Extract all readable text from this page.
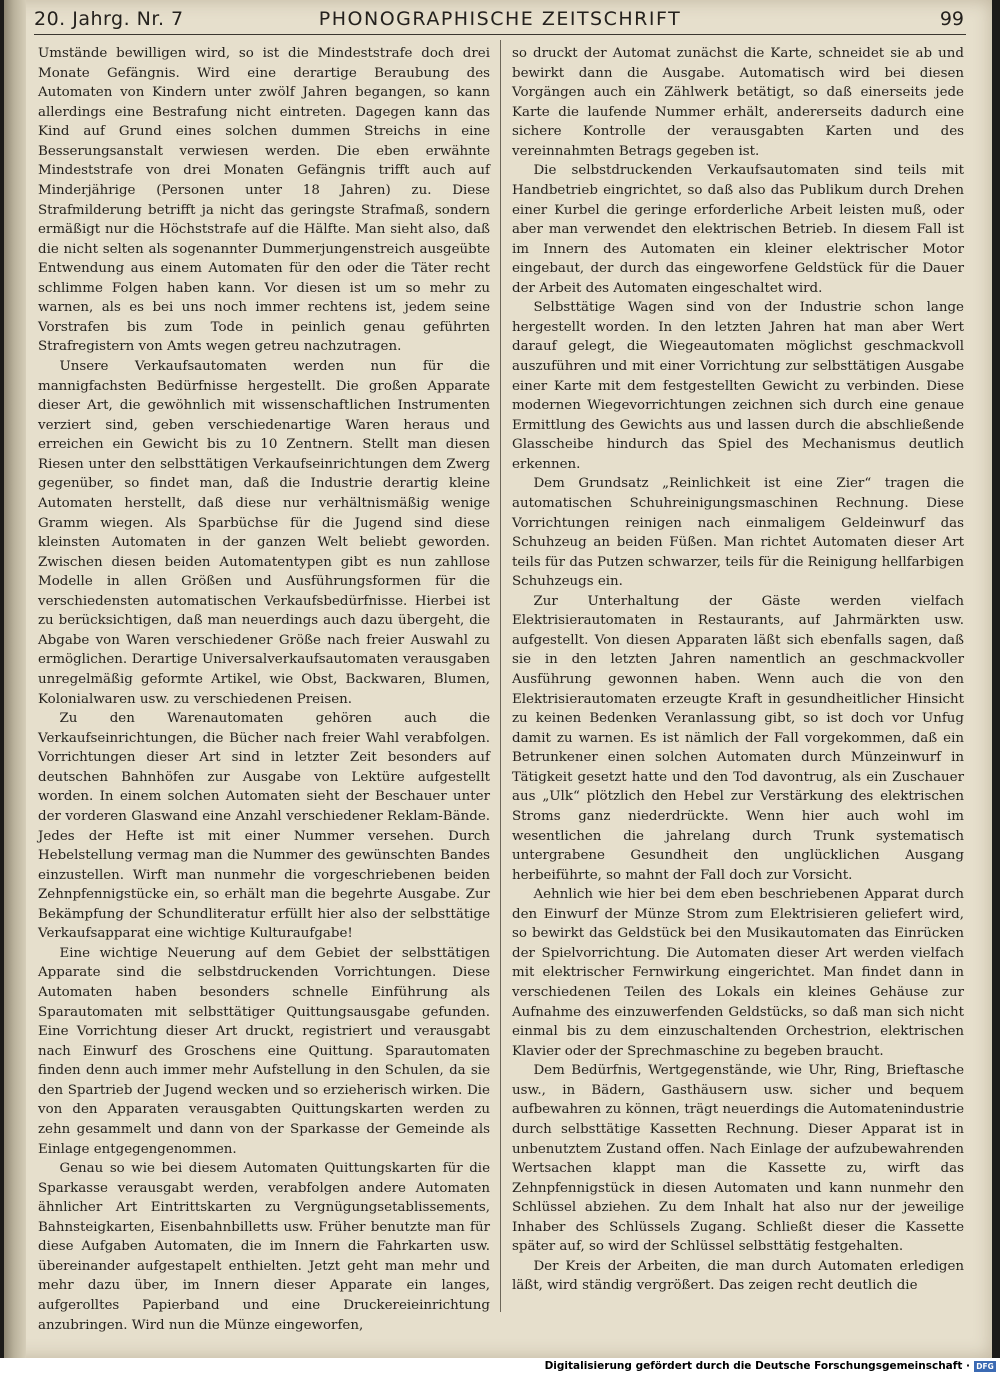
20. Jahrg. Nr. 7	PHONOGRAPHISCHE ZEITSCHRIFT	99

Umstände bewilligen wird, so ist die Mindeststrafe doch drei Monate Gefängnis. Wird eine derartige Beraubung des Automaten von Kindern unter zwölf Jahren begangen, so kann allerdings eine Bestrafung nicht eintreten. Dagegen kann das Kind auf Grund eines solchen dummen Streichs in eine Besserungsanstalt verwiesen werden. Die eben erwähnte Mindeststrafe von drei Monaten Gefängnis trifft auch auf Minderjährige (Personen unter 18 Jahren) zu. Diese Strafmilderung betrifft ja nicht das geringste Strafmaß, sondern ermäßigt nur die Höchststrafe auf die Hälfte. Man sieht also, daß die nicht selten als sogenannter Dummerjungenstreich ausgeübte Entwendung aus einem Automaten für den oder die Täter recht schlimme Folgen haben kann. Vor diesen ist um so mehr zu warnen, als es bei uns noch immer rechtens ist, jedem seine Vorstrafen bis zum Tode in peinlich genau geführten Strafregistern von Amts wegen getreu nachzutragen.

Unsere Verkaufsautomaten werden nun für die mannigfachsten Bedürfnisse hergestellt. Die großen Apparate dieser Art, die gewöhnlich mit wissenschaftlichen Instrumenten verziert sind, geben verschiedenartige Waren heraus und erreichen ein Gewicht bis zu 10 Zentnern. Stellt man diesen Riesen unter den selbsttätigen Verkaufseinrichtungen dem Zwerg gegenüber, so findet man, daß die Industrie derartig kleine Automaten herstellt, daß diese nur verhältnismäßig wenige Gramm wiegen. Als Sparbüchse für die Jugend sind diese kleinsten Automaten in der ganzen Welt beliebt geworden. Zwischen diesen beiden Automatentypen gibt es nun zahllose Modelle in allen Größen und Ausführungsformen für die verschiedensten automatischen Verkaufsbedürfnisse. Hierbei ist zu berücksichtigen, daß man neuerdings auch dazu übergeht, die Abgabe von Waren verschiedener Größe nach freier Auswahl zu ermöglichen. Derartige Universalverkaufsautomaten verausgaben unregelmäßig geformte Artikel, wie Obst, Backwaren, Blumen, Kolonialwaren usw. zu verschiedenen Preisen.

Zu den Warenautomaten gehören auch die Verkaufseinrichtungen, die Bücher nach freier Wahl verabfolgen. Vorrichtungen dieser Art sind in letzter Zeit besonders auf deutschen Bahnhöfen zur Ausgabe von Lektüre aufgestellt worden. In einem solchen Automaten sieht der Beschauer unter der vorderen Glaswand eine Anzahl verschiedener Reklam-Bände. Jedes der Hefte ist mit einer Nummer versehen. Durch Hebelstellung vermag man die Nummer des gewünschten Bandes einzustellen. Wirft man nunmehr die vorgeschriebenen beiden Zehnpfennigstücke ein, so erhält man die begehrte Ausgabe. Zur Bekämpfung der Schundliteratur erfüllt hier also der selbsttätige Verkaufsapparat eine wichtige Kulturaufgabe!

Eine wichtige Neuerung auf dem Gebiet der selbsttätigen Apparate sind die selbstdruckenden Vorrichtungen. Diese Automaten haben besonders schnelle Einführung als Sparautomaten mit selbsttätiger Quittungsausgabe gefunden. Eine Vorrichtung dieser Art druckt, registriert und verausgabt nach Einwurf des Groschens eine Quittung. Sparautomaten finden denn auch immer mehr Aufstellung in den Schulen, da sie den Spartrieb der Jugend wecken und so erzieherisch wirken. Die von den Apparaten verausgabten Quittungskarten werden zu zehn gesammelt und dann von der Sparkasse der Gemeinde als Einlage entgegengenommen.

Genau so wie bei diesem Automaten Quittungskarten für die Sparkasse verausgabt werden, verabfolgen andere Automaten ähnlicher Art Eintrittskarten zu Vergnügungsetablissements, Bahnsteigkarten, Eisenbahnbilletts usw. Früher benutzte man für diese Aufgaben Automaten, die im Innern die Fahrkarten usw. übereinander aufgestapelt enthielten. Jetzt geht man mehr und mehr dazu über, im Innern dieser Apparate ein langes, aufgerolltes Papierband und eine Druckereieinrichtung anzubringen. Wird nun die Münze eingeworfen,

so druckt der Automat zunächst die Karte, schneidet sie ab und bewirkt dann die Ausgabe. Automatisch wird bei diesen Vorgängen auch ein Zählwerk betätigt, so daß einerseits jede Karte die laufende Nummer erhält, andererseits dadurch eine sichere Kontrolle der verausgabten Karten und des vereinnahmten Betrags gegeben ist.

Die selbstdruckenden Verkaufsautomaten sind teils mit Handbetrieb eingrichtet, so daß also das Publikum durch Drehen einer Kurbel die geringe erforderliche Arbeit leisten muß, oder aber man verwendet den elektrischen Betrieb. In diesem Fall ist im Innern des Automaten ein kleiner elektrischer Motor eingebaut, der durch das eingeworfene Geldstück für die Dauer der Arbeit des Automaten eingeschaltet wird.

Selbsttätige Wagen sind von der Industrie schon lange hergestellt worden. In den letzten Jahren hat man aber Wert darauf gelegt, die Wiegeautomaten möglichst geschmackvoll auszuführen und mit einer Vorrichtung zur selbsttätigen Ausgabe einer Karte mit dem festgestellten Gewicht zu verbinden. Diese modernen Wiegevorrichtungen zeichnen sich durch eine genaue Ermittlung des Gewichts aus und lassen durch die abschließende Glasscheibe hindurch das Spiel des Mechanismus deutlich erkennen.

Dem Grundsatz „Reinlichkeit ist eine Zier“ tragen die automatischen Schuhreinigungsmaschinen Rechnung. Diese Vorrichtungen reinigen nach einmaligem Geldeinwurf das Schuhzeug an beiden Füßen. Man richtet Automaten dieser Art teils für das Putzen schwarzer, teils für die Reinigung hellfarbigen Schuhzeugs ein.

Zur Unterhaltung der Gäste werden vielfach Elektrisierautomaten in Restaurants, auf Jahrmärkten usw. aufgestellt. Von diesen Apparaten läßt sich ebenfalls sagen, daß sie in den letzten Jahren namentlich an geschmackvoller Ausführung gewonnen haben. Wenn auch die von den Elektrisierautomaten erzeugte Kraft in gesundheitlicher Hinsicht zu keinen Bedenken Veranlassung gibt, so ist doch vor Unfug damit zu warnen. Es ist nämlich der Fall vorgekommen, daß ein Betrunkener einen solchen Automaten durch Münzeinwurf in Tätigkeit gesetzt hatte und den Tod davontrug, als ein Zuschauer aus „Ulk“ plötzlich den Hebel zur Verstärkung des elektrischen Stroms ganz niederdrückte. Wenn hier auch wohl im wesentlichen die jahrelang durch Trunk systematisch untergrabene Gesundheit den unglücklichen Ausgang herbeiführte, so mahnt der Fall doch zur Vorsicht.

Aehnlich wie hier bei dem eben beschriebenen Apparat durch den Einwurf der Münze Strom zum Elektrisieren geliefert wird, so bewirkt das Geldstück bei den Musikautomaten das Einrücken der Spielvorrichtung. Die Automaten dieser Art werden vielfach mit elektrischer Fernwirkung eingerichtet. Man findet dann in verschiedenen Teilen des Lokals ein kleines Gehäuse zur Aufnahme des einzuwerfenden Geldstücks, so daß man sich nicht einmal bis zu dem einzuschaltenden Orchestrion, elektrischen Klavier oder der Sprechmaschine zu begeben braucht.

Dem Bedürfnis, Wertgegenstände, wie Uhr, Ring, Brieftasche usw., in Bädern, Gasthäusern usw. sicher und bequem aufbewahren zu können, trägt neuerdings die Automatenindustrie durch selbsttätige Kassetten Rechnung. Dieser Apparat ist in unbenutztem Zustand offen. Nach Einlage der aufzubewahrenden Wertsachen klappt man die Kassette zu, wirft das Zehnpfennigstück in diesen Automaten und kann nunmehr den Schlüssel abziehen. Zu dem Inhalt hat also nur der jeweilige Inhaber des Schlüssels Zugang. Schließt dieser die Kassette später auf, so wird der Schlüssel selbsttätig festgehalten.

Der Kreis der Arbeiten, die man durch Automaten erledigen läßt, wird ständig vergrößert. Das zeigen recht deutlich die

Digitalisierung gefördert durch die Deutsche Forschungsgemeinschaft · DFG
